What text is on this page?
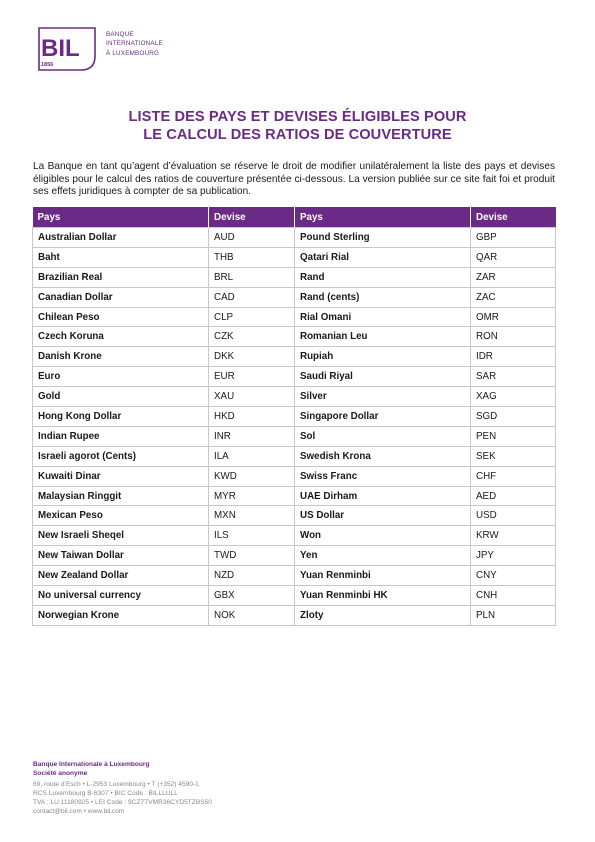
BIL
1856
BANQUE
INTERNATIONALE
À LUXEMBOURG
LISTE DES PAYS ET DEVISES ÉLIGIBLES POUR
LE CALCUL DES RATIOS DE COUVERTURE
La Banque en tant qu’agent d’évaluation se réserve le droit de modifier unilatéralement la liste des pays et devises éligibles pour le calcul des ratios de couverture présentée ci-dessous. La version publiée sur ce site fait foi et produit ses effets juridiques à compter de sa publication.
Pays	Devise	Pays	Devise
Australian Dollar	AUD	Pound Sterling	GBP
Baht	THB	Qatari Rial	QAR
Brazilian Real	BRL	Rand	ZAR
Canadian Dollar	CAD	Rand (cents)	ZAC
Chilean Peso	CLP	Rial Omani	OMR
Czech Koruna	CZK	Romanian Leu	RON
Danish Krone	DKK	Rupiah	IDR
Euro	EUR	Saudi Riyal	SAR
Gold	XAU	Silver	XAG
Hong Kong Dollar	HKD	Singapore Dollar	SGD
Indian Rupee	INR	Sol	PEN
Israeli agorot (Cents)	ILA	Swedish Krona	SEK
Kuwaiti Dinar	KWD	Swiss Franc	CHF
Malaysian Ringgit	MYR	UAE Dirham	AED
Mexican Peso	MXN	US Dollar	USD
New Israeli Sheqel	ILS	Won	KRW
New Taiwan Dollar	TWD	Yen	JPY
New Zealand Dollar	NZD	Yuan Renminbi	CNY
No universal currency	GBX	Yuan Renminbi HK	CNH
Norwegian Krone	NOK	Zloty	PLN
Banque Internationale à Luxembourg
Société anonyme
69, route d’Esch • L-2953 Luxembourg • T (+352) 4590-1
RCS Luxembourg B-6307 • BIC Code : BILLLULL
TVA : LU 11180925 • LEI Code : 9CZ7TVMR36CYD5TZBS50
contact@bil.com • www.bil.com
